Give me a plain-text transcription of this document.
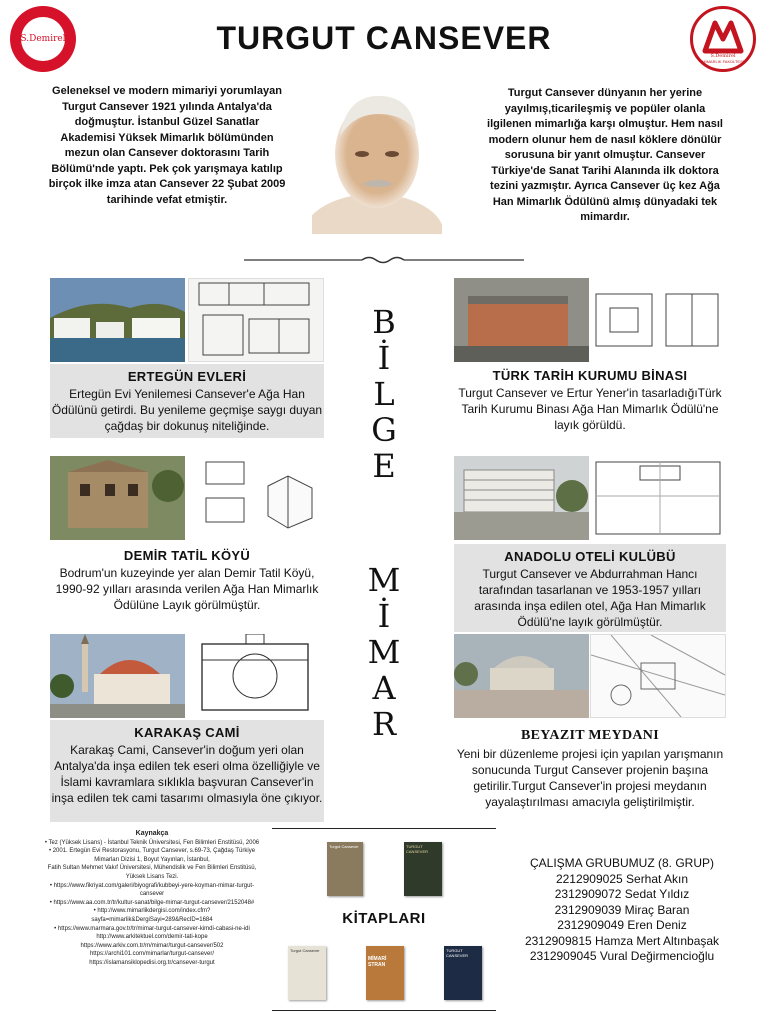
TURGUT CANSEVER
S.Demirel
S.Demirel
MİMARLIK FAKÜLTESİ
Geleneksel ve modern mimariyi yorumlayan Turgut Cansever 1921 yılında Antalya'da doğmuştur. İstanbul Güzel Sanatlar Akademisi Yüksek Mimarlık bölümünden mezun olan Cansever doktorasını Tarih Bölümü'nde yaptı. Pek çok yarışmaya katılıp birçok ilke imza atan Cansever 22 Şubat 2009 tarihinde vefat etmiştir.
Turgut Cansever dünyanın her yerine yayılmış,ticarileşmiş ve popüler olanla ilgilenen mimarlığa karşı olmuştur. Hem nasıl modern olunur hem de nasıl köklere dönülür sorusuna bir yanıt olmuştur. Cansever Türkiye'de Sanat Tarihi Alanında ilk doktora tezini yazmıştır. Ayrıca Cansever üç kez Ağa Han Mimarlık Ödülünü almış dünyadaki tek mimardır.
B
İ
L
G
E
M
İ
M
A
R
ERTEGÜN EVLERİ

Ertegün Evi Yenilemesi Cansever'e Ağa Han Ödülünü getirdi. Bu yenileme geçmişe saygı duyan çağdaş bir dokunuş niteliğinde.

DEMİR TATİL KÖYÜ

Bodrum'un kuzeyinde yer alan Demir Tatil Köyü, 1990-92 yılları arasında verilen Ağa Han Mimarlık Ödülüne Layık görülmüştür.

KARAKAŞ CAMİ

Karakaş Cami, Cansever'in doğum yeri olan Antalya'da inşa edilen tek eseri olma özelliğiyle ve İslami kavramlara sıklıkla başvuran Cansever'in inşa edilen tek cami tasarımı olmasıyla öne çıkıyor.

TÜRK TARİH KURUMU BİNASI

Turgut Cansever ve Ertur Yener'in tasarladığıTürk Tarih Kurumu Binası Ağa Han Mimarlık Ödülü'ne layık görüldü.

ANADOLU OTELİ KULÜBÜ

Turgut Cansever ve Abdurrahman Hancı tarafından tasarlanan ve 1953-1957 yılları arasında inşa edilen otel, Ağa Han Mimarlık Ödülü'ne layık görülmüştür.

BEYAZIT MEYDANI

Yeni bir düzenleme projesi için yapılan yarışmanın sonucunda Turgut Cansever projenin başına getirilir.Turgut Cansever'in projesi meydanın yayalaştırılması amacıyla geliştirilmiştir.

Kaynakça
• Tez (Yüksek Lisans) - İstanbul Teknik Üniversitesi, Fen Bilimleri Enstitüsü, 2006
• 2001. Ertegün Evi Restorasyonu, Turgut Cansever, s.69-73, Çağdaş Türkiye Mimarları Dizisi 1, Boyut Yayınları, İstanbul,
Fatih Sultan Mehmet Vakıf Üniversitesi, Mühendislik ve Fen Bilimleri Enstitüsü, Yüksek Lisans Tezi.
• https://www.fikriyat.com/galeri/biyografi/kubbeyi-yere-koyman-mimar-turgut-cansever
• https://www.aa.com.tr/tr/kultur-sanat/bilge-mimar-turgut-cansever/2152048#
• http://www.mimarlikdergisi.com/index.cfm?sayfa=mimarlik&DergiSayi=289&RecID=1684
• https://www.marmara.gov.tr/tr/mimar-turgut-cansever-kimdi-cabasi-ne-idi
http://www.arkitektuel.com/demir-tati-kope
https://www.arkiv.com.tr/m/mimar/turgut-cansever/502
https://archi101.com/mimarlar/turgut-cansever/
https://islamansiklopedisi.org.tr/cansever-turgut
Turgut Cansever	TURGUT CANSEVER
KİTAPLARI
Turgut Cansever
MİMARİ STRAN
TURGUT CANSEVER
ÇALIŞMA GRUBUMUZ (8. GRUP)
2212909025 Serhat Akın
2312909072 Sedat Yıldız
2312909039 Miraç Baran
2312909049 Eren Deniz
2312909815 Hamza Mert Altınbaşak
2312909045 Vural Değirmencioğlu
